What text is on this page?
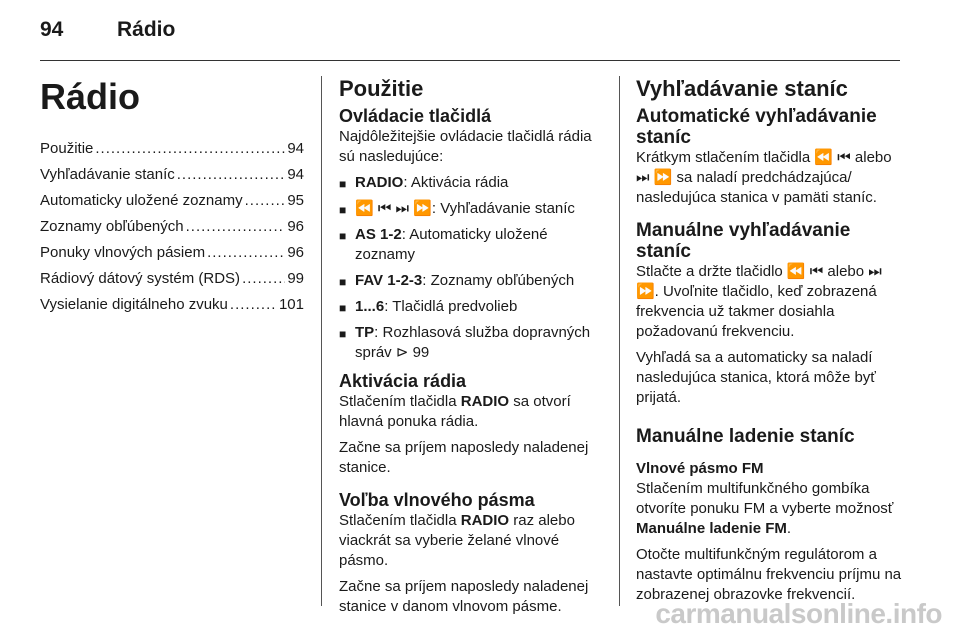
94	Rádio
Rádio
Použitie .....	94
Vyhľadávanie staníc .....	94
Automaticky uložené zoznamy .....	95
Zoznamy obľúbených .....	96
Ponuky vlnových pásiem .....	96
Rádiový dátový systém (RDS) .....	99
Vysielanie digitálneho zvuku .....	101
Použitie
Ovládacie tlačidlá

Najdôležitejšie ovládacie tlačidlá rádia sú nasledujúce:

■ RADIO: Aktivácia rádia
■ ⏪ ⏮ ⏭ ⏩: Vyhľadávanie staníc
■ AS 1-2: Automaticky uložené zoznamy
■ FAV 1-2-3: Zoznamy obľúbených
■ 1...6: Tlačidlá predvolieb
■ TP: Rozhlasová služba dopravných správ ⊳ 99
Aktivácia rádia

Stlačením tlačidla RADIO sa otvorí hlavná ponuka rádia.

Začne sa príjem naposledy naladenej stanice.

Voľba vlnového pásma

Stlačením tlačidla RADIO raz alebo viackrát sa vyberie želané vlnové pásmo.

Začne sa príjem naposledy naladenej stanice v danom vlnovom pásme.

Vyhľadávanie staníc
Automatické vyhľadávanie staníc

Krátkym stlačením tlačidla ⏪ ⏮ alebo ⏭ ⏩ sa naladí predchádzajúca/ nasledujúca stanica v pamäti staníc.

Manuálne vyhľadávanie staníc

Stlačte a držte tlačidlo ⏪ ⏮ alebo ⏭ ⏩. Uvoľnite tlačidlo, keď zobrazená frekvencia už takmer dosiahla požadovanú frekvenciu.

Vyhľadá sa a automaticky sa naladí nasledujúca stanica, ktorá môže byť prijatá.

Manuálne ladenie staníc
Vlnové pásmo FM

Stlačením multifunkčného gombíka otvoríte ponuku FM a vyberte možnosť Manuálne ladenie FM.

Otočte multifunkčným regulátorom a nastavte optimálnu frekvenciu príjmu na zobrazenej obrazovke frekvencií.

carmanualsonline.info
